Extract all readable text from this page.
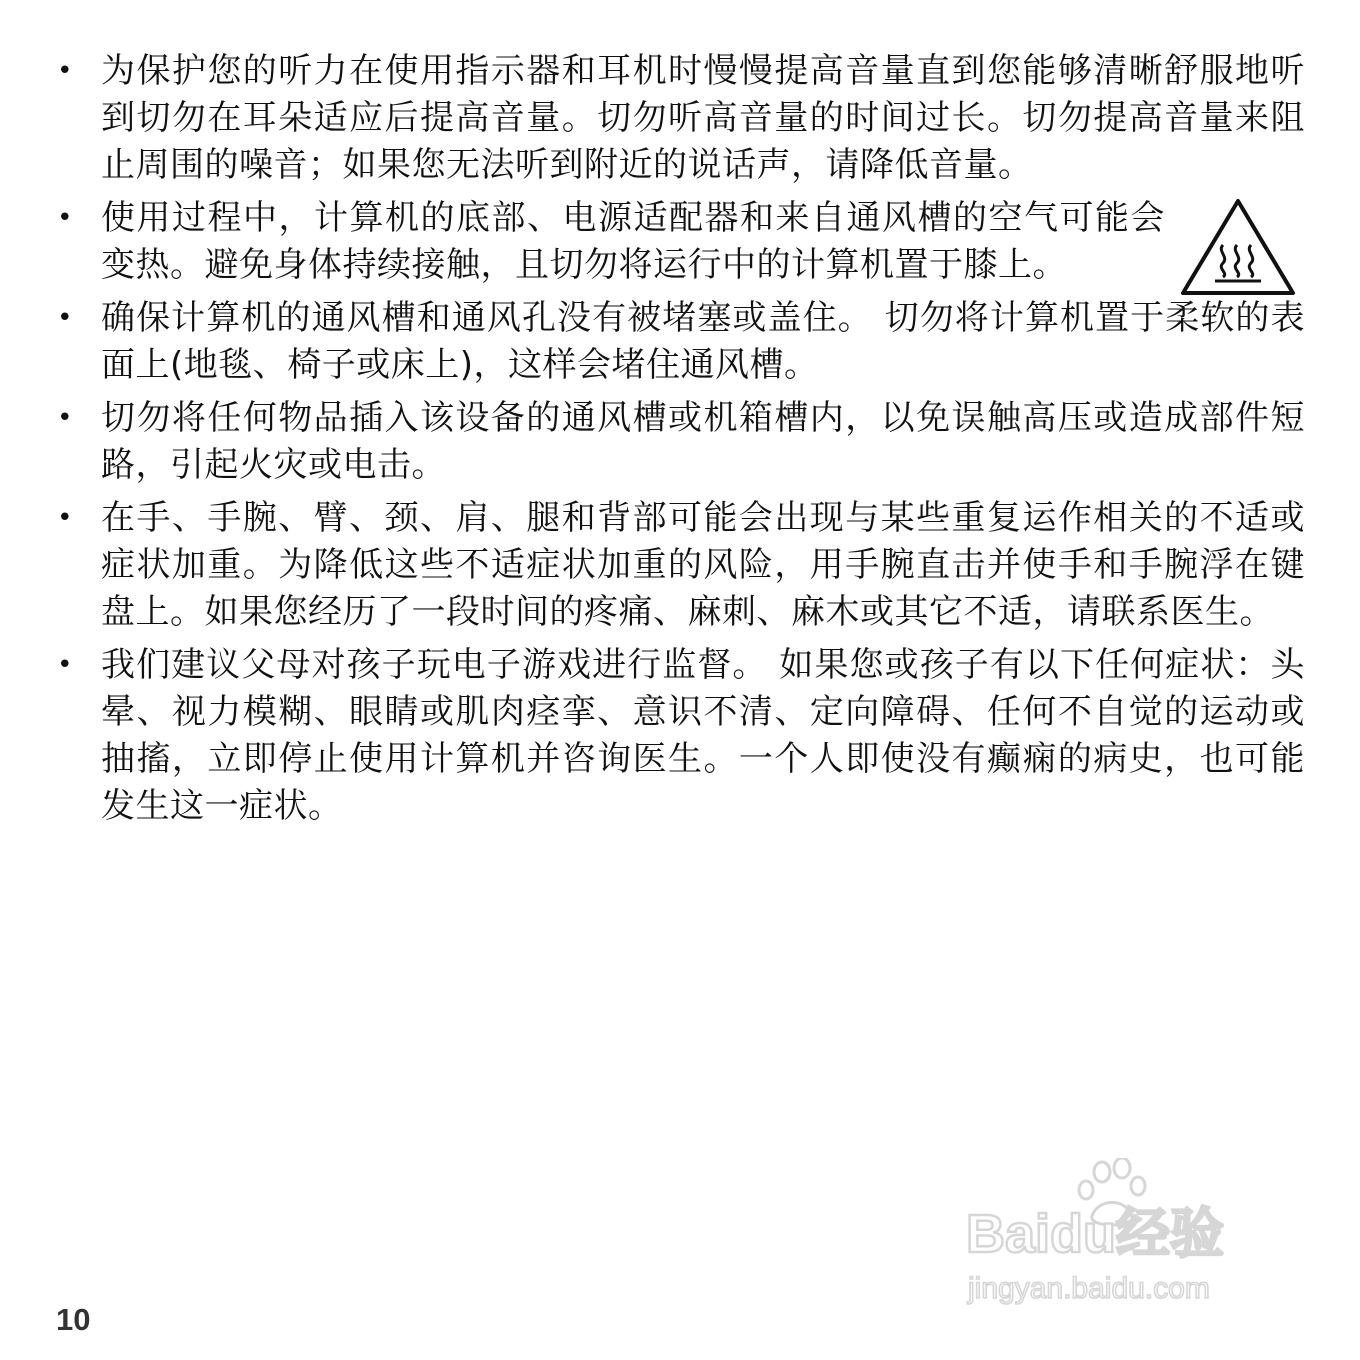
• 为保护您的听力在使用指示器和耳机时慢慢提高音量直到您能够清晰舒服地听到切勿在耳朵适应后提高音量。切勿听高音量的时间过长。切勿提高音量来阻止周围的噪音；如果您无法听到附近的说话声，请降低音量。
• 使用过程中，计算机的底部、电源适配器和来自通风槽的空气可能会变热。避免身体持续接触，且切勿将运行中的计算机置于膝上。
• 确保计算机的通风槽和通风孔没有被堵塞或盖住。 切勿将计算机置于柔软的表面上(地毯、椅子或床上)，这样会堵住通风槽。
• 切勿将任何物品插入该设备的通风槽或机箱槽内，以免误触高压或造成部件短路，引起火灾或电击。
• 在手、手腕、臂、颈、肩、腿和背部可能会出现与某些重复运作相关的不适或症状加重。为降低这些不适症状加重的风险，用手腕直击并使手和手腕浮在键盘上。如果您经历了一段时间的疼痛、麻刺、麻木或其它不适，请联系医生。
• 我们建议父母对孩子玩电子游戏进行监督。 如果您或孩子有以下任何症状：头晕、视力模糊、眼睛或肌肉痉挛、意识不清、定向障碍、任何不自觉的运动或抽搐，立即停止使用计算机并咨询医生。一个人即使没有癫痫的病史，也可能发生这一症状。
Baidu经验
jingyan.baidu.com
10
